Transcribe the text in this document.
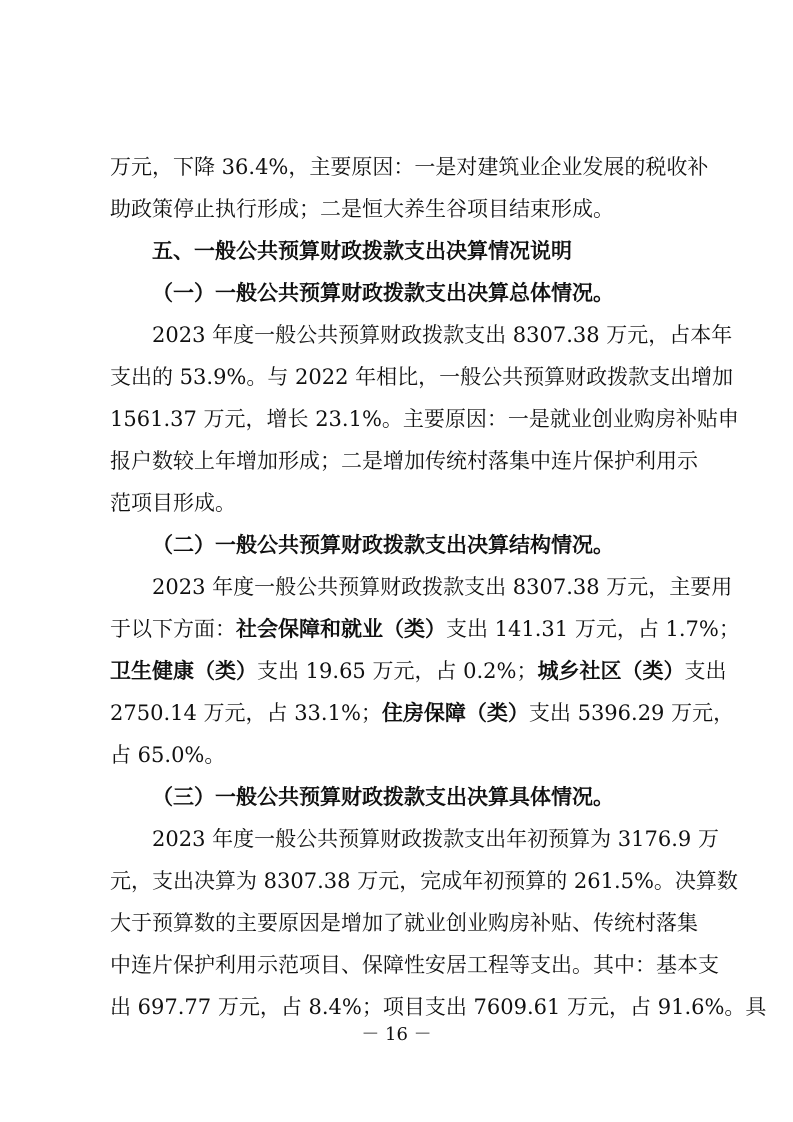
万元，下降 36.4%，主要原因：一是对建筑业企业发展的税收补
助政策停止执行形成；二是恒大养生谷项目结束形成。
五、一般公共预算财政拨款支出决算情况说明
（一）一般公共预算财政拨款支出决算总体情况。
2023 年度一般公共预算财政拨款支出 8307.38 万元，占本年
支出的 53.9%。与 2022 年相比，一般公共预算财政拨款支出增加
1561.37 万元，增长 23.1%。主要原因：一是就业创业购房补贴申
报户数较上年增加形成；二是增加传统村落集中连片保护利用示
范项目形成。
（二）一般公共预算财政拨款支出决算结构情况。
2023 年度一般公共预算财政拨款支出 8307.38 万元，主要用
于以下方面：社会保障和就业（类）支出 141.31 万元，占 1.7%；
卫生健康（类）支出 19.65 万元，占 0.2%；城乡社区（类）支出
2750.14 万元，占 33.1%；住房保障（类）支出 5396.29 万元，
占 65.0%。
（三）一般公共预算财政拨款支出决算具体情况。
2023 年度一般公共预算财政拨款支出年初预算为 3176.9 万
元，支出决算为 8307.38 万元，完成年初预算的 261.5%。决算数
大于预算数的主要原因是增加了就业创业购房补贴、传统村落集
中连片保护利用示范项目、保障性安居工程等支出。其中：基本支
出 697.77 万元，占 8.4%；项目支出 7609.61 万元，占 91.6%。具
－ 16 －
